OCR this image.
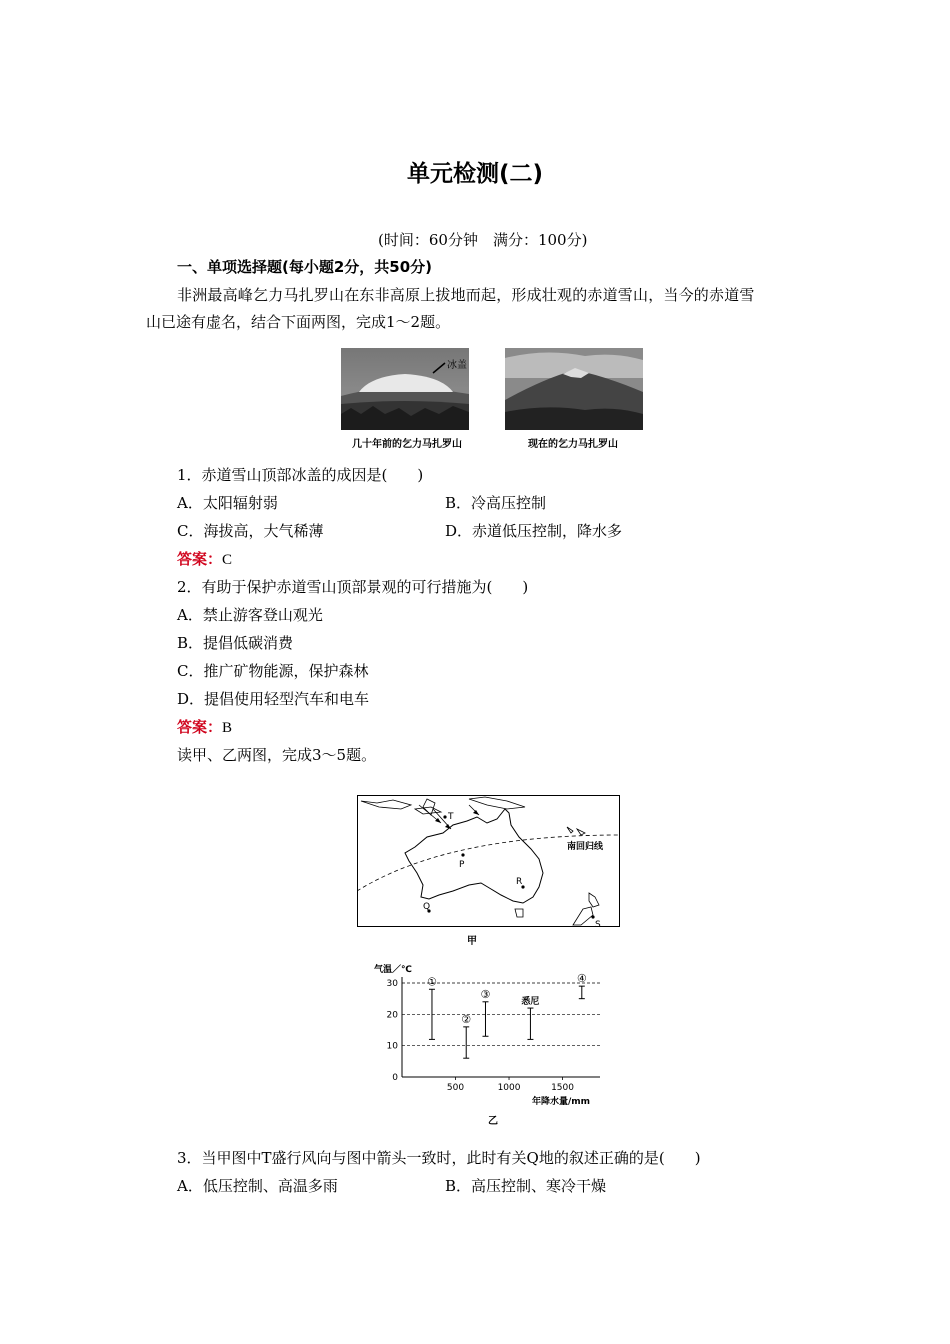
单元检测(二)
(时间：60分钟　满分：100分)
一、单项选择题(每小题2分，共50分)
非洲最高峰乞力马扎罗山在东非高原上拔地而起，形成壮观的赤道雪山，当今的赤道雪
山已途有虚名，结合下面两图，完成1～2题。
冰盖
几十年前的乞力马扎罗山	现在的乞力马扎罗山
1．赤道雪山顶部冰盖的成因是(　　)
A．太阳辐射弱	B．冷高压控制
C．海拔高，大气稀薄	D．赤道低压控制，降水多
答案：C
2．有助于保护赤道雪山顶部景观的可行措施为(　　)
A．禁止游客登山观光
B．提倡低碳消费
C．推广矿物能源，保护森林
D．提倡使用轻型汽车和电车
答案：B
读甲、乙两图，完成3～5题。
T
P
R
Q
S
南回归线
甲
气温／℃
年降水量/mm
0
10
20
30
500	1000	1500
①
②
③
悉尼
④
乙
3．当甲图中T盛行风向与图中箭头一致时，此时有关Q地的叙述正确的是(　　)
A．低压控制、高温多雨	B．高压控制、寒冷干燥
